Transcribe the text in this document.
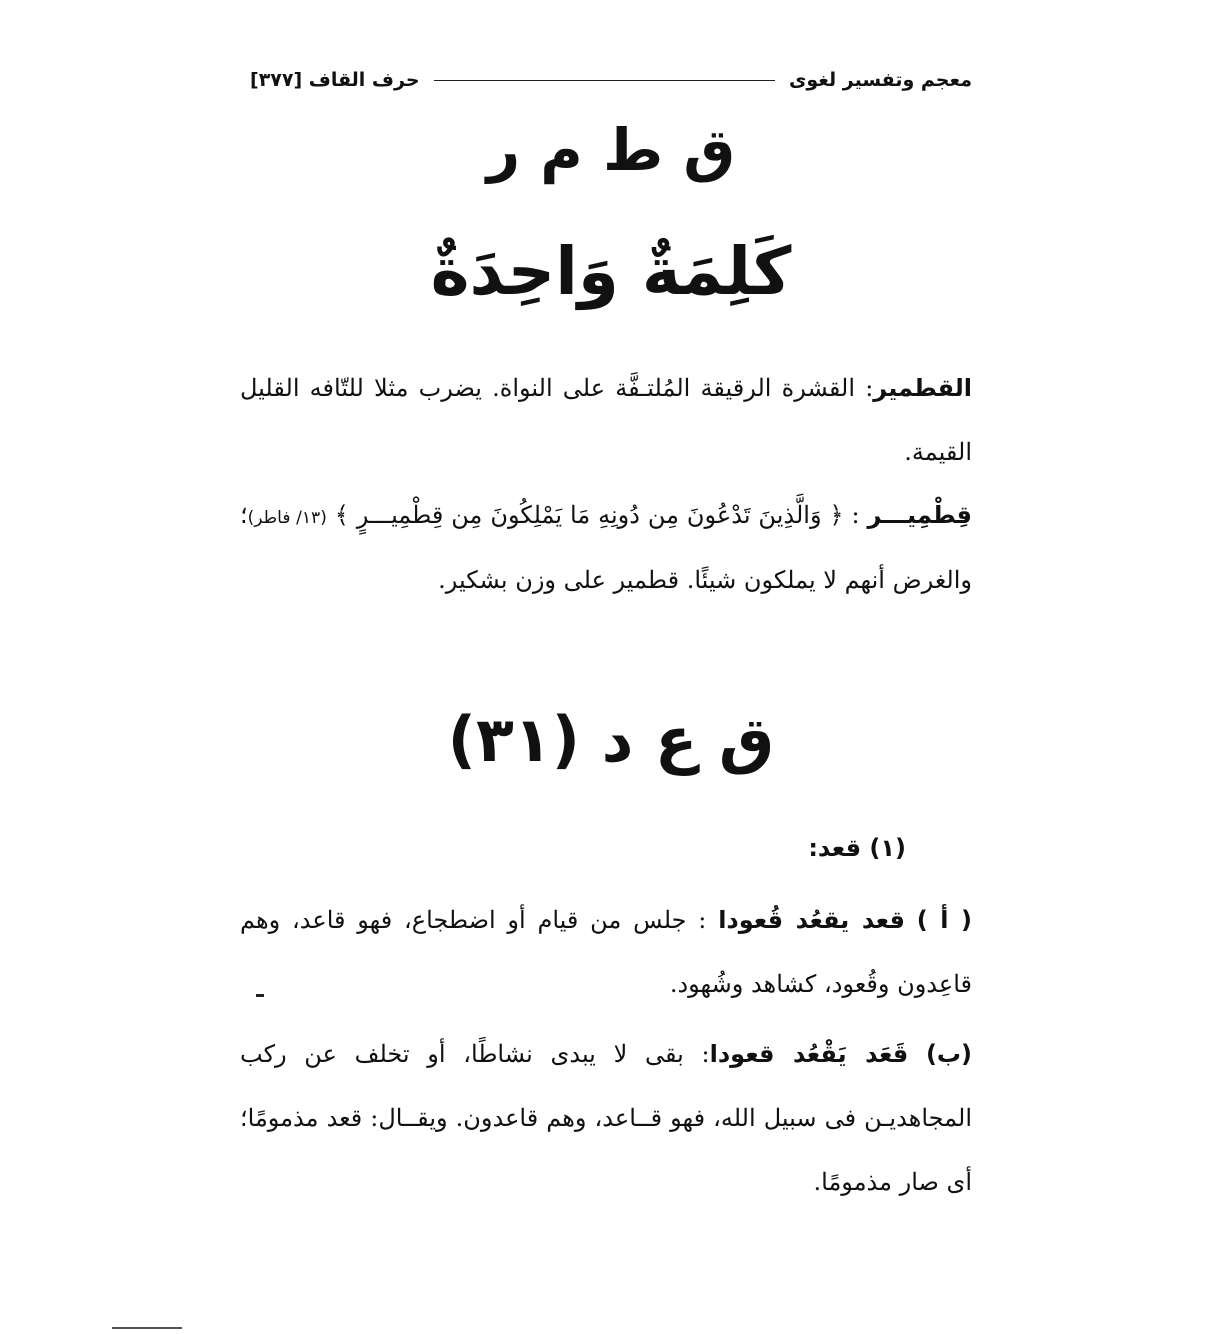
معجم وتفسير لغوى
حرف القاف [٣٧٧]
ق ط م ر
كَلِمَةٌ وَاحِدَةٌ
القطمير: القشرة الرقيقة المُلتـفَّة على النواة. يضرب مثلا للتّافه القليل القيمة.
قِطْمِيـــر : ﴿ وَالَّذِينَ تَدْعُونَ مِن دُونِهِ مَا يَمْلِكُونَ مِن قِطْمِيـــرٍ ﴾ (١٣/ فاطر)؛ والغرض أنهم لا يملكون شيئًا. قطمير على وزن بشكير.
ق ع د (٣١)
(١) قعد:
( أ ) قعد يقعُد قُعودا : جلس من قيام أو اضطجاع، فهو قاعد، وهم قاعِدون وقُعود، كشاهد وشُهود.
(ب) قَعَد يَقْعُد قعودا: بقى لا يبدى نشاطًا، أو تخلف عن ركب المجاهديـن فى سبيل الله، فهو قــاعد، وهم قاعدون. ويقــال: قعد مذمومًا؛ أى صار مذمومًا.
